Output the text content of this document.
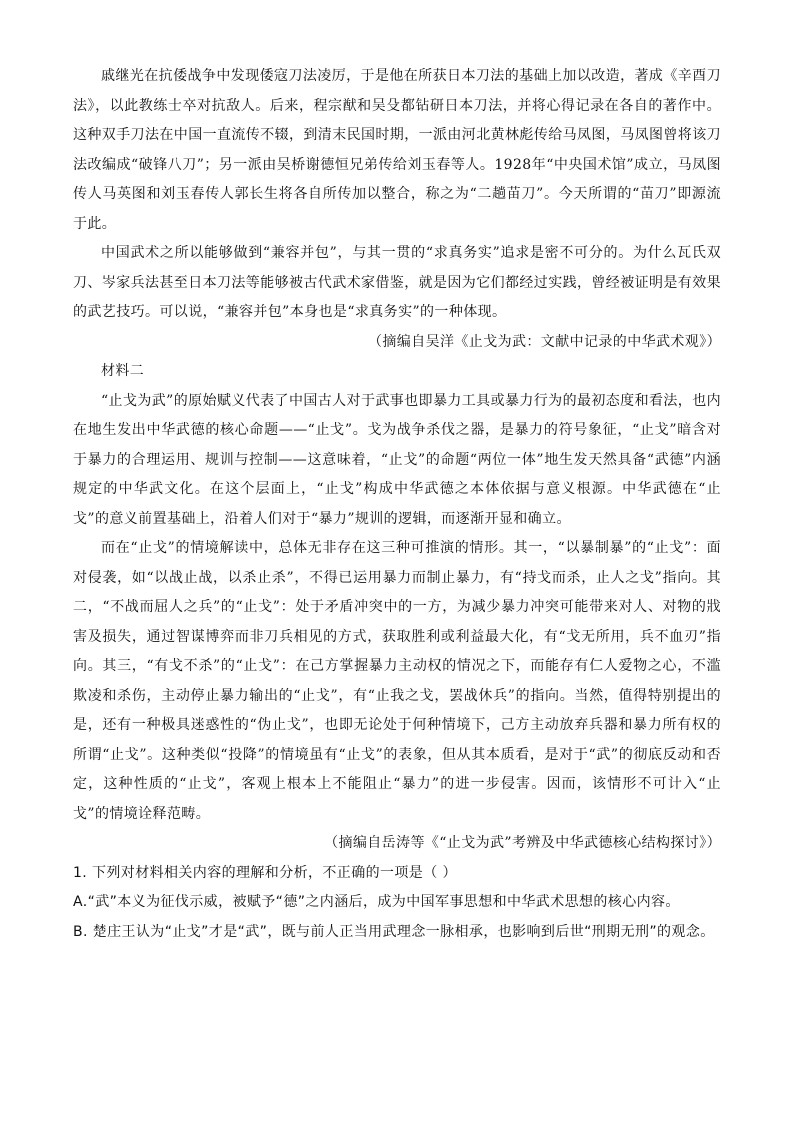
戚继光在抗倭战争中发现倭寇刀法凌厉，于是他在所获日本刀法的基础上加以改造，著成《辛酉刀法》，以此教练士卒对抗敌人。后来，程宗猷和吴殳都钻研日本刀法，并将心得记录在各自的著作中。这种双手刀法在中国一直流传不辍，到清末民国时期，一派由河北黄林彪传给马凤图，马凤图曾将该刀法改编成“破锋八刀”；另一派由吴桥谢德恒兄弟传给刘玉春等人。1928年“中央国术馆”成立，马凤图传人马英图和刘玉春传人郭长生将各自所传加以整合，称之为“二趟苗刀”。今天所谓的“苗刀”即源流于此。

中国武术之所以能够做到“兼容并包”，与其一贯的“求真务实”追求是密不可分的。为什么瓦氏双刀、岑家兵法甚至日本刀法等能够被古代武术家借鉴，就是因为它们都经过实践，曾经被证明是有效果的武艺技巧。可以说，“兼容并包”本身也是“求真务实”的一种体现。

（摘编自吴洋《止戈为武：文献中记录的中华武术观》）

材料二

“止戈为武”的原始赋义代表了中国古人对于武事也即暴力工具或暴力行为的最初态度和看法，也内在地生发出中华武德的核心命题——“止戈”。戈为战争杀伐之器，是暴力的符号象征，“止戈”暗含对于暴力的合理运用、规训与控制——这意味着，“止戈”的命题“两位一体”地生发天然具备“武德”内涵规定的中华武文化。在这个层面上，“止戈”构成中华武德之本体依据与意义根源。中华武德在“止戈”的意义前置基础上，沿着人们对于“暴力”规训的逻辑，而逐渐开显和确立。

而在“止戈”的情境解读中，总体无非存在这三种可推演的情形。其一，“以暴制暴”的“止戈”：面对侵袭，如“以战止战，以杀止杀”，不得已运用暴力而制止暴力，有“持戈而杀，止人之戈”指向。其二，“不战而屈人之兵”的“止戈”：处于矛盾冲突中的一方，为减少暴力冲突可能带来对人、对物的戕害及损失，通过智谋博弈而非刀兵相见的方式，获取胜利或利益最大化，有“戈无所用，兵不血刃”指向。其三，“有戈不杀”的“止戈”：在己方掌握暴力主动权的情况之下，而能存有仁人爱物之心，不滥欺凌和杀伤，主动停止暴力输出的“止戈”，有“止我之戈，罢战休兵”的指向。当然，值得特别提出的是，还有一种极具迷惑性的“伪止戈”，也即无论处于何种情境下，己方主动放弃兵器和暴力所有权的所谓“止戈”。这种类似“投降”的情境虽有“止戈”的表象，但从其本质看，是对于“武”的彻底反动和否定，这种性质的“止戈”，客观上根本上不能阻止“暴力”的进一步侵害。因而，该情形不可计入“止戈”的情境诠释范畴。

（摘编自岳涛等《“止戈为武”考辨及中华武德核心结构探讨》）

1. 下列对材料相关内容的理解和分析，不正确的一项是（ ）

A.“武”本义为征伐示威，被赋予“德”之内涵后，成为中国军事思想和中华武术思想的核心内容。

B. 楚庄王认为“止戈”才是“武”，既与前人正当用武理念一脉相承，也影响到后世“刑期无刑”的观念。
